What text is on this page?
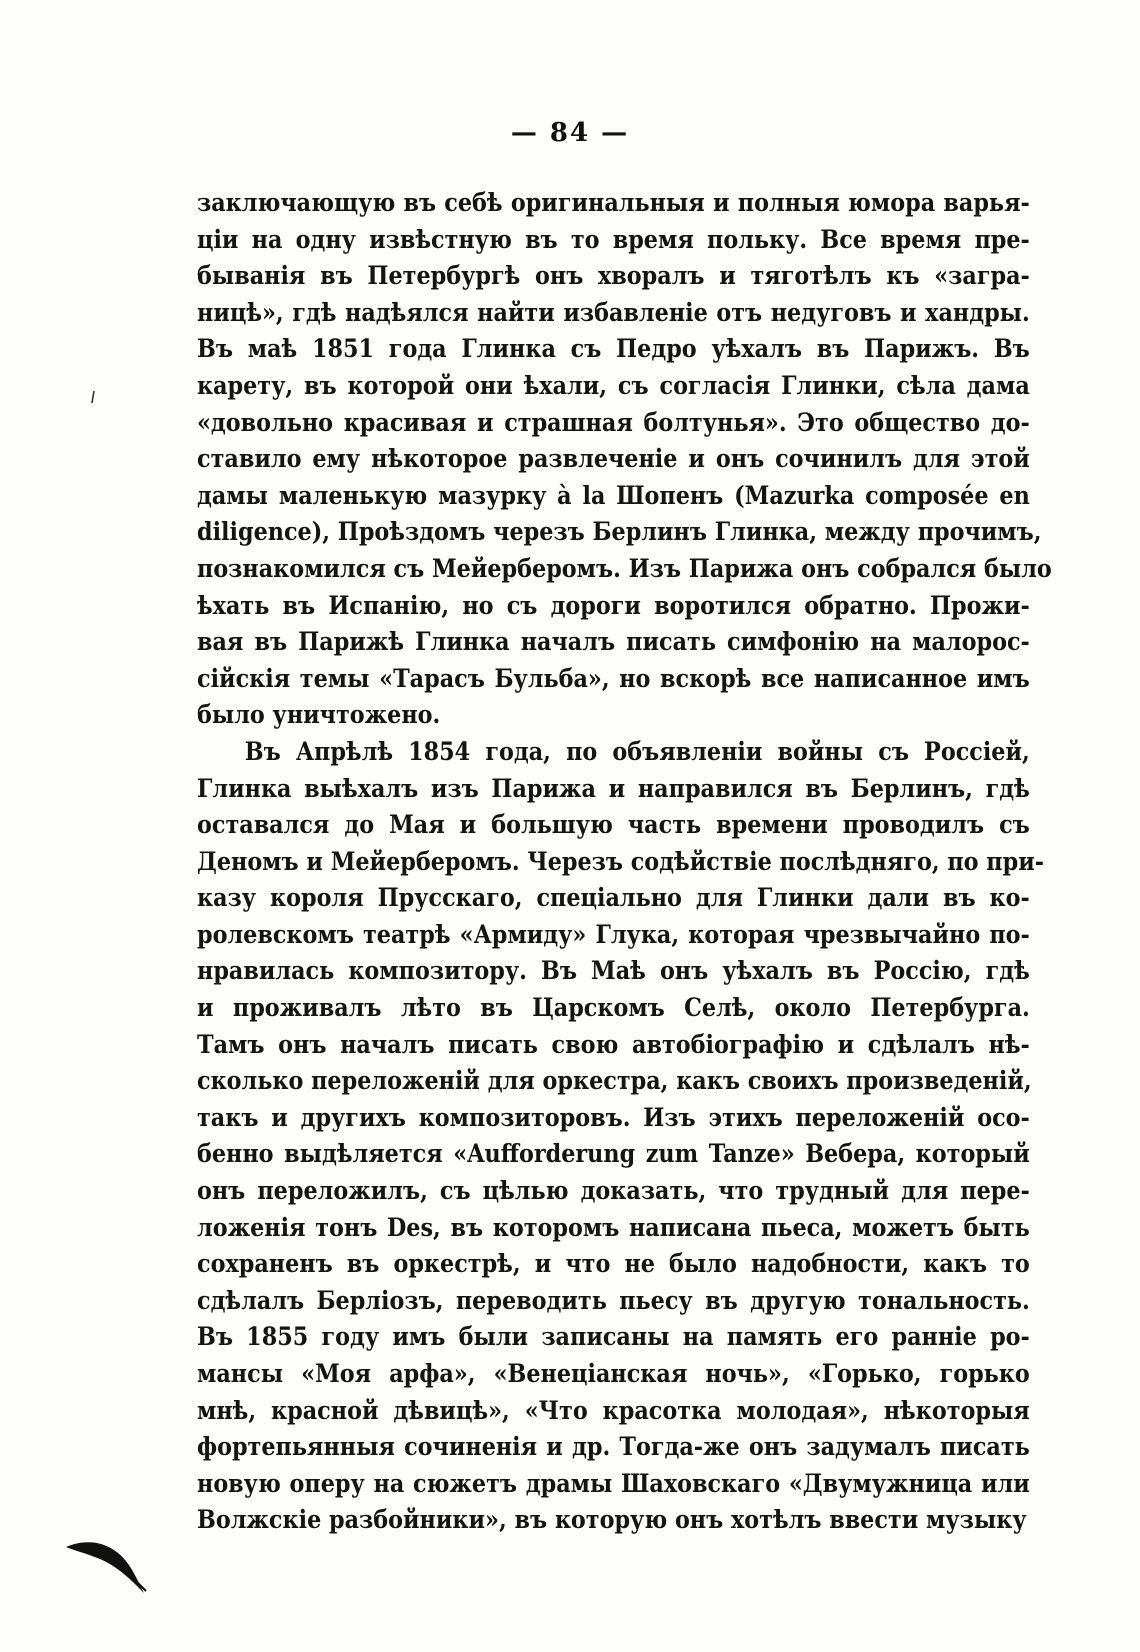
— 84 —
заключающую въ себѣ оригинальныя и полныя юмора варья-
ціи на одну извѣстную въ то время польку. Все время пре-
быванія въ Петербургѣ онъ хворалъ и тяготѣлъ къ «загра-
ницѣ», гдѣ надѣялся найти избавленіе отъ недуговъ и хандры.
Въ маѣ 1851 года Глинка съ Педро уѣхалъ въ Парижъ. Въ
карету, въ которой они ѣхали, съ согласія Глинки, сѣла дама
«довольно красивая и страшная болтунья». Это общество до-
ставило ему нѣкоторое развлеченіе и онъ сочинилъ для этой
дамы маленькую мазурку à la Шопенъ (Mazurka composée en
diligence), Проѣздомъ черезъ Берлинъ Глинка, между прочимъ,
познакомился съ Мейерберомъ. Изъ Парижа онъ собрался было
ѣхать въ Испанію, но съ дороги воротился обратно. Прожи-
вая въ Парижѣ Глинка началъ писать симфонію на малорос-
сійскія темы «Тарасъ Бульба», но вскорѣ все написанное имъ
было уничтожено.
Въ Апрѣлѣ 1854 года, по объявленіи войны съ Россіей,
Глинка выѣхалъ изъ Парижа и направился въ Берлинъ, гдѣ
оставался до Мая и большую часть времени проводилъ съ
Деномъ и Мейерберомъ. Черезъ содѣйствіе послѣдняго, по при-
казу короля Прусскаго, спеціально для Глинки дали въ ко-
ролевскомъ театрѣ «Армиду» Глука, которая чрезвычайно по-
нравилась композитору. Въ Маѣ онъ уѣхалъ въ Россію, гдѣ
и проживалъ лѣто въ Царскомъ Селѣ, около Петербурга.
Тамъ онъ началъ писать свою автобіографію и сдѣлалъ нѣ-
сколько переложеній для оркестра, какъ своихъ произведеній,
такъ и другихъ композиторовъ. Изъ этихъ переложеній осо-
бенно выдѣляется «Aufforderung zum Tanze» Вебера, который
онъ переложилъ, съ цѣлью доказать, что трудный для пере-
ложенія тонъ Des, въ которомъ написана пьеса, можетъ быть
сохраненъ въ оркестрѣ, и что не было надобности, какъ то
сдѣлалъ Берліозъ, переводить пьесу въ другую тональность.
Въ 1855 году имъ были записаны на память его ранніе ро-
мансы «Моя арфа», «Венеціанская ночь», «Горько, горько
мнѣ, красной дѣвицѣ», «Что красотка молодая», нѣкоторыя
фортепьянныя сочиненія и др. Тогда-же онъ задумалъ писать
новую оперу на сюжетъ драмы Шаховскаго «Двумужница или
Волжскіе разбойники», въ которую онъ хотѣлъ ввести музыку
